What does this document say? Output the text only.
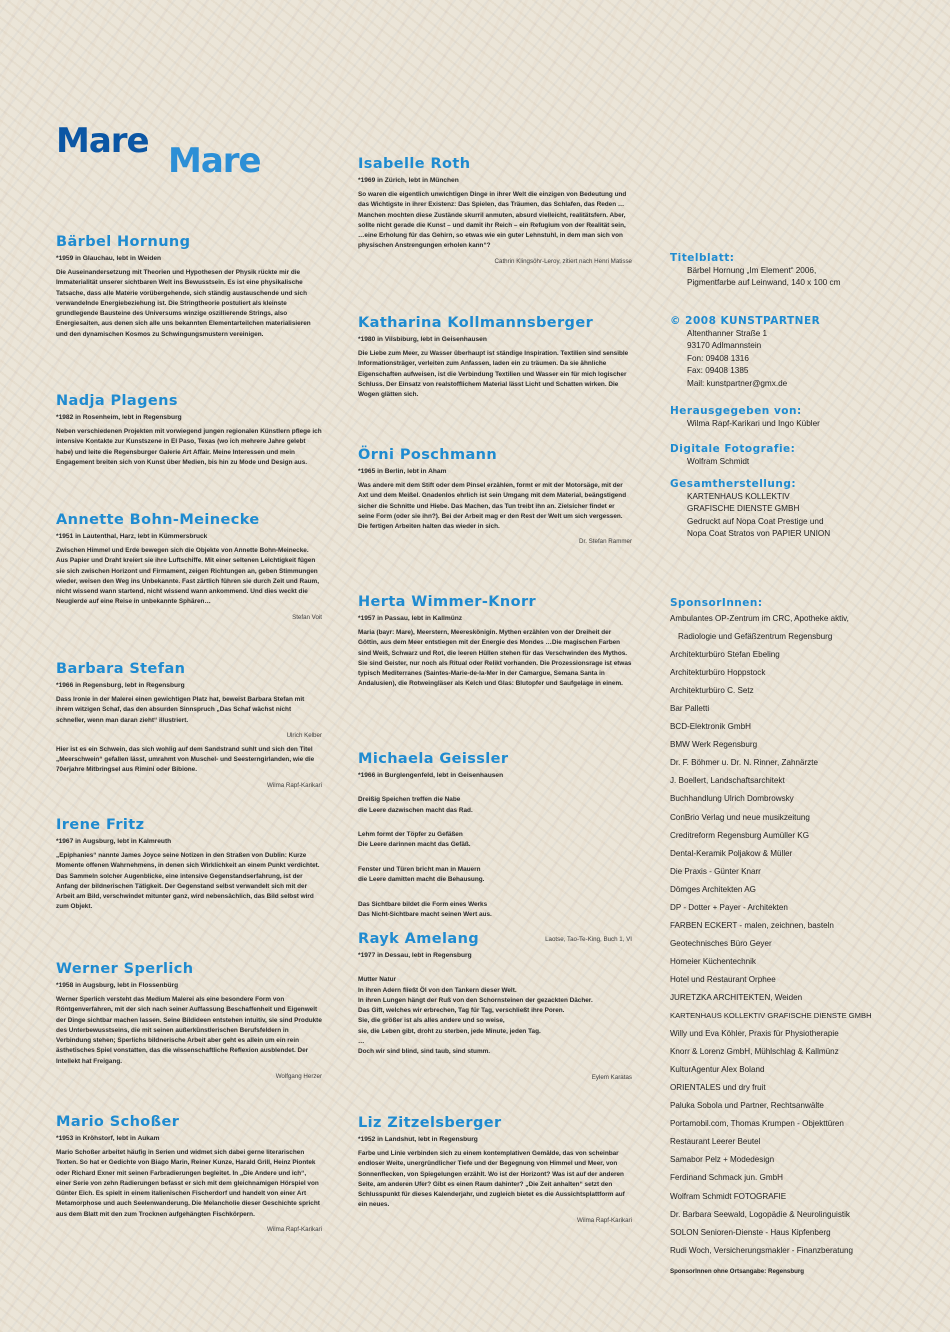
Mare Mare
Bärbel Hornung
*1959 in Glauchau, lebt in Weiden

Die Auseinandersetzung mit Theorien und Hypothesen der Physik rückte mir die Immaterialität unserer sichtbaren Welt ins Bewusstsein. Es ist eine physikalische Tatsache, dass alle Materie vorübergehende, sich ständig austauschende und sich verwandelnde Energiebeziehung ist. Die Stringtheorie postuliert als kleinste grundlegende Bausteine des Universums winzige oszillierende Strings, also Energiesaiten, aus denen sich alle uns bekannten Elementarteilchen materialisieren und den dynamischen Kosmos zu Schwingungsmustern vereinigen.

Nadja Plagens
*1982 in Rosenheim, lebt in Regensburg

Neben verschiedenen Projekten mit vorwiegend jungen regionalen Künstlern pflege ich intensive Kontakte zur Kunstszene in El Paso, Texas (wo ich mehrere Jahre gelebt habe) und leite die Regensburger Galerie Art Affair. Meine Interessen und mein Engagement breiten sich von Kunst über Medien, bis hin zu Mode und Design aus.

Annette Bohn-Meinecke
*1951 in Lautenthal, Harz, lebt in Kümmersbruck

Zwischen Himmel und Erde bewegen sich die Objekte von Annette Bohn-Meinecke. Aus Papier und Draht kreiert sie ihre Luftschiffe. Mit einer seltenen Leichtigkeit fügen sie sich zwischen Horizont und Firmament, zeigen Richtungen an, geben Stimmungen wieder, weisen den Weg ins Unbekannte. Fast zärtlich führen sie durch Zeit und Raum, nicht wissend wann startend, nicht wissend wann ankommend. Und dies weckt die Neugierde auf eine Reise in unbekannte Sphären…

Stefan Voit
Barbara Stefan
*1966 in Regensburg, lebt in Regensburg

Dass Ironie in der Malerei einen gewichtigen Platz hat, beweist Barbara Stefan mit ihrem witzigen Schaf, das den absurden Sinnspruch „Das Schaf wächst nicht schneller, wenn man daran zieht“ illustriert.

Ulrich Kelber

Hier ist es ein Schwein, das sich wohlig auf dem Sandstrand suhlt und sich den Titel „Meerschwein“ gefallen lässt, umrahmt von Muschel- und Seesterngirlanden, wie die 70erjahre Mitbringsel aus Rimini oder Bibione.

Wilma Rapf-Karikari
Irene Fritz
*1967 in Augsburg, lebt in Kalmreuth

„Epiphanies“ nannte James Joyce seine Notizen in den Straßen von Dublin: Kurze Momente offenen Wahrnehmens, in denen sich Wirklichkeit an einem Punkt verdichtet. Das Sammeln solcher Augenblicke, eine intensive Gegenstandserfahrung, ist der Anfang der bildnerischen Tätigkeit. Der Gegenstand selbst verwandelt sich mit der Arbeit am Bild, verschwindet mitunter ganz, wird nebensächlich, das Bild selbst wird zum Objekt.

Werner Sperlich
*1958 in Augsburg, lebt in Flossenbürg

Werner Sperlich versteht das Medium Malerei als eine besondere Form von Röntgenverfahren, mit der sich nach seiner Auffassung Beschaffenheit und Eigenwelt der Dinge sichtbar machen lassen. Seine Bildideen entstehen intuitiv, sie sind Produkte des Unterbewusstseins, die mit seinen außerkünstlerischen Berufsfeldern in Verbindung stehen; Sperlichs bildnerische Arbeit aber geht es allein um ein rein ästhetisches Spiel vonstatten, das die wissenschaftliche Reflexion ausblendet. Der Intellekt hat Freigang.

Wolfgang Herzer
Mario Schoßer
*1953 in Kröhstorf, lebt in Aukam

Mario Schoßer arbeitet häufig in Serien und widmet sich dabei gerne literarischen Texten. So hat er Gedichte von Biago Marin, Reiner Kunze, Harald Grill, Heinz Piontek oder Richard Exner mit seinen Farbradierungen begleitet. In „Die Andere und ich“, einer Serie von zehn Radierungen befasst er sich mit dem gleichnamigen Hörspiel von Günter Eich. Es spielt in einem italienischen Fischerdorf und handelt von einer Art Metamorphose und auch Seelenwanderung. Die Melancholie dieser Geschichte spricht aus dem Blatt mit den zum Trocknen aufgehängten Fischkörpern.

Wilma Rapf-Karikari
Isabelle Roth
*1969 in Zürich, lebt in München

So waren die eigentlich unwichtigen Dinge in ihrer Welt die einzigen von Bedeutung und das Wichtigste in ihrer Existenz: Das Spielen, das Träumen, das Schlafen, das Reden … Manchen mochten diese Zustände skurril anmuten, absurd vielleicht, realitätsfern. Aber, sollte nicht gerade die Kunst – und damit ihr Reich – ein Refugium von der Realität sein, …eine Erholung für das Gehirn, so etwas wie ein guter Lehnstuhl, in dem man sich von physischen Anstrengungen erholen kann“?

Cathrin Klingsöhr-Leroy, zitiert nach Henri Matisse
Katharina Kollmannsberger
*1980 in Vilsbiburg, lebt in Geisenhausen

Die Liebe zum Meer, zu Wasser überhaupt ist ständige Inspiration. Textilien sind sensible Informationsträger, verleiten zum Anfassen, laden ein zu träumen. Da sie ähnliche Eigenschaften aufweisen, ist die Verbindung Textilien und Wasser ein für mich logischer Schluss. Der Einsatz von realstofflichem Material lässt Licht und Schatten wirken. Die Wogen glätten sich.

Örni Poschmann
*1965 in Berlin, lebt in Aham

Was andere mit dem Stift oder dem Pinsel erzählen, formt er mit der Motorsäge, mit der Axt und dem Meißel. Gnadenlos ehrlich ist sein Umgang mit dem Material, beängstigend sicher die Schnitte und Hiebe. Das Machen, das Tun treibt ihn an. Zielsicher findet er seine Form (oder sie ihn?). Bei der Arbeit mag er den Rest der Welt um sich vergessen. Die fertigen Arbeiten halten das wieder in sich.

Dr. Stefan Rammer
Herta Wimmer-Knorr
*1957 in Passau, lebt in Kallmünz

Maria (bayr: Mare), Meerstern, Meereskönigin. Mythen erzählen von der Dreiheit der Göttin, aus dem Meer entstiegen mit der Energie des Mondes …Die magischen Farben sind Weiß, Schwarz und Rot, die leeren Hüllen stehen für das Verschwinden des Mythos. Sie sind Geister, nur noch als Ritual oder Relikt vorhanden. Die Prozessionsrage ist etwas typisch Mediterranes (Saintes-Marie-de-la-Mer in der Camargue, Semana Santa in Andalusien), die Rotweingläser als Kelch und Glas: Blutopfer und Saufgelage in einem.

Michaela Geissler
*1966 in Burglengenfeld, lebt in Geisenhausen

Dreißig Speichen treffen die Nabe
die Leere dazwischen macht das Rad.

Lehm formt der Töpfer zu Gefäßen
Die Leere darinnen macht das Gefäß.

Fenster und Türen bricht man in Mauern
die Leere damitten macht die Behausung.

Das Sichtbare bildet die Form eines Werks
Das Nicht-Sichtbare macht seinen Wert aus.

Laotse, Tao-Te-King, Buch 1, VI
Rayk Amelang
*1977 in Dessau, lebt in Regensburg

Mutter Natur
In ihren Adern fließt Öl von den Tankern dieser Welt.
In ihren Lungen hängt der Ruß von den Schornsteinen der gezackten Dächer.
Das Gift, welches wir erbrechen, Tag für Tag, verschließt ihre Poren.
Sie, die größer ist als alles andere und so weise,
sie, die Leben gibt, droht zu sterben, jede Minute, jeden Tag.
…
Doch wir sind blind, sind taub, sind stumm.

Eylem Karatas
Liz Zitzelsberger
*1952 in Landshut, lebt in Regensburg

Farbe und Linie verbinden sich zu einem kontemplativen Gemälde, das von scheinbar endloser Weite, unergründlicher Tiefe und der Begegnung von Himmel und Meer, von Sonnenflecken, von Spiegelungen erzählt. Wo ist der Horizont? Was ist auf der anderen Seite, am anderen Ufer? Gibt es einen Raum dahinter? „Die Zeit anhalten“ setzt den Schlusspunkt für dieses Kalenderjahr, und zugleich bietet es die Aussichtsplattform auf ein neues.

Wilma Rapf-Karikari
Titelblatt:
Bärbel Hornung „Im Element“ 2006,
Pigmentfarbe auf Leinwand, 140 x 100 cm
© 2008 KUNSTPARTNER
Altenthanner Straße 1
93170 Adlmannstein
Fon: 09408 1316
Fax: 09408 1385
Mail: kunstpartner@gmx.de
Herausgegeben von:
Wilma Rapf-Karikari und Ingo Kübler
Digitale Fotografie:
Wolfram Schmidt
Gesamtherstellung:
KARTENHAUS KOLLEKTIV
GRAFISCHE DIENSTE GMBH
Gedruckt auf Nopa Coat Prestige und
Nopa Coat Stratos von PAPIER UNION
SponsorInnen:
Ambulantes OP-Zentrum im CRC, Apotheke aktiv,
Radiologie und Gefäßzentrum Regensburg
Architekturbüro Stefan Ebeling
Architekturbüro Hoppstock
Architekturbüro C. Setz
Bar Palletti
BCD-Elektronik GmbH
BMW Werk Regensburg
Dr. F. Böhmer u. Dr. N. Rinner, Zahnärzte
J. Boellert, Landschaftsarchitekt
Buchhandlung Ulrich Dombrowsky
ConBrio Verlag und neue musikzeitung
Creditreform Regensburg Aumüller KG
Dental-Keramik Poljakow & Müller
Die Praxis - Günter Knarr
Dömges Architekten AG
DP - Dotter + Payer - Architekten
FARBEN ECKERT - malen, zeichnen, basteln
Geotechnisches Büro Geyer
Homeier Küchentechnik
Hotel und Restaurant Orphee
JURETZKA ARCHITEKTEN, Weiden
KARTENHAUS KOLLEKTIV GRAFISCHE DIENSTE GMBH
Willy und Eva Köhler, Praxis für Physiotherapie
Knorr & Lorenz GmbH, Mühlschlag & Kallmünz
KulturAgentur Alex Boland
ORIENTALES und dry fruit
Paluka Sobola und Partner, Rechtsanwälte
Portamobil.com, Thomas Krumpen - Objekttüren
Restaurant Leerer Beutel
Samabor Pelz + Modedesign
Ferdinand Schmack jun. GmbH
Wolfram Schmidt FOTOGRAFIE
Dr. Barbara Seewald, Logopädie & Neurolinguistik
SOLON Senioren-Dienste - Haus Kipfenberg
Rudi Woch, Versicherungsmakler - Finanzberatung
SponsorInnen ohne Ortsangabe: Regensburg
